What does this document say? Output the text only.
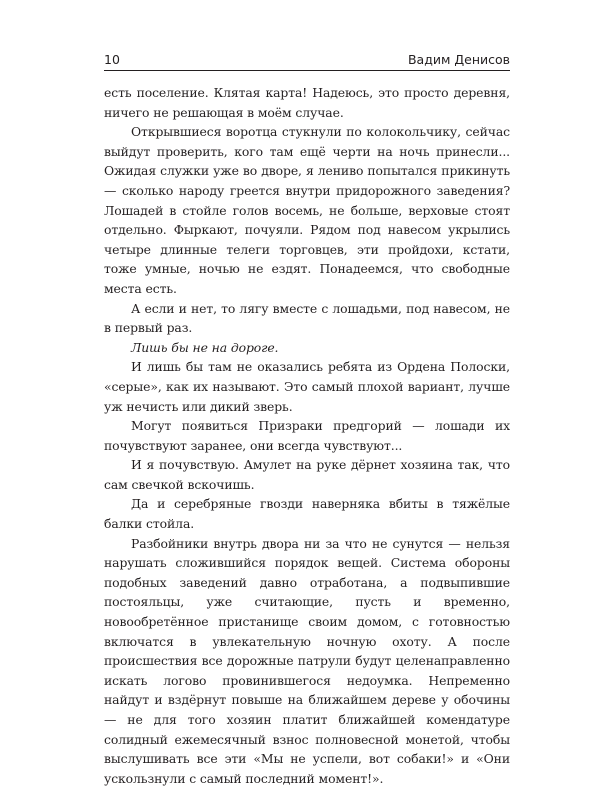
10	Вадим Денисов

есть поселение. Клятая карта! Надеюсь, это просто деревня, ничего не решающая в моём случае.

Открывшиеся воротца стукнули по колокольчику, сейчас выйдут проверить, кого там ещё черти на ночь принесли... Ожидая служки уже во дворе, я лениво попытался прикинуть — сколько народу греется внутри придорожного заведения? Лошадей в стойле голов восемь, не больше, верховые стоят отдельно. Фыркают, почуяли. Рядом под навесом укрылись четыре длинные телеги торговцев, эти пройдохи, кстати, тоже умные, ночью не ездят. Понадеемся, что свободные места есть.

А если и нет, то лягу вместе с лошадьми, под навесом, не в первый раз.

Лишь бы не на дороге.

И лишь бы там не оказались ребята из Ордена Полоски, «серые», как их называют. Это самый плохой вариант, лучше уж нечисть или дикий зверь.

Могут появиться Призраки предгорий — лошади их почувствуют заранее, они всегда чувствуют...

И я почувствую. Амулет на руке дёрнет хозяина так, что сам свечкой вскочишь.

Да и серебряные гвозди наверняка вбиты в тяжёлые балки стойла.

Разбойники внутрь двора ни за что не сунутся — нельзя нарушать сложившийся порядок вещей. Система обороны подобных заведений давно отработана, а подвыпившие постояльцы, уже считающие, пусть и временно, новообретённое пристанище своим домом, с готовностью включатся в увлекательную ночную охоту. А после происшествия все дорожные патрули будут целенаправленно искать логово провинившегося недоумка. Непременно найдут и вздёрнут повыше на ближайшем дереве у обочины — не для того хозяин платит ближайшей комендатуре солидный ежемесячный взнос полновесной монетой, чтобы выслушивать все эти «Мы не успели, вот собаки!» и «Они ускользнули с самый последний момент!».
